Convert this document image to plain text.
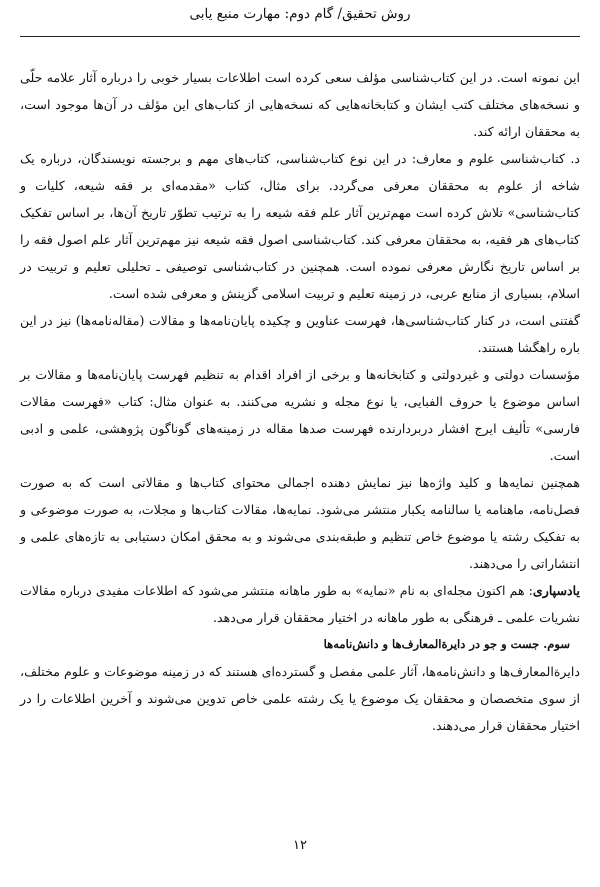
روش تحقیق/ گام دوم: مهارت منبع یابی

این نمونه است. در این کتاب‌شناسی مؤلف سعی کرده است اطلاعات بسیار خوبی را درباره آثار علامه حلّی و نسخه‌های مختلف کتب ایشان و کتابخانه‌هایی که نسخه‌هایی از کتاب‌های این مؤلف در آن‌ها موجود است، به محققان ارائه کند.

د. کتاب‌شناسی علوم و معارف: در این نوع کتاب‌شناسی، کتاب‌های مهم و برجسته نویسندگان، درباره یک شاخه از علوم به محققان معرفی می‌گردد. برای مثال، کتاب «مقدمه‌ای بر فقه شیعه، کلیات و کتاب‌شناسی» تلاش کرده است مهم‌ترین آثار علم فقه شیعه را به ترتیب تطوّر تاریخ آن‌ها، بر اساس تفکیک کتاب‌های هر فقیه، به محققان معرفی کند. کتاب‌شناسی اصول فقه شیعه نیز مهم‌ترین آثار علم اصول فقه را بر اساس تاریخ نگارش معرفی نموده است. همچنین در کتاب‌شناسی توصیفی ـ تحلیلی تعلیم و تربیت در اسلام، بسیاری از منابع عربی، در زمینه تعلیم و تربیت اسلامی گزینش و معرفی شده است.

گفتنی است، در کنار کتاب‌شناسی‌ها، فهرست عناوین و چکیده پایان‌نامه‌ها و مقالات (مقاله‌نامه‌ها) نیز در این باره راهگشا هستند.

مؤسسات دولتی و غیردولتی و کتابخانه‌ها و برخی از افراد اقدام به تنظیم فهرست پایان‌نامه‌ها و مقالات بر اساس موضوع یا حروف الفبایی، یا نوع مجله و نشریه می‌کنند. به عنوان مثال: کتاب «فهرست مقالات فارسی» تألیف ایرج افشار دربردارنده فهرست صدها مقاله در زمینه‌های گوناگون پژوهشی، علمی و ادبی است.

همچنین نمایه‌ها و کلید واژه‌ها نیز نمایش دهنده اجمالی محتوای کتاب‌ها و مقالاتی است که به صورت فصل‌نامه، ماهنامه یا سالنامه یکبار منتشر می‌شود. نمایه‌ها، مقالات کتاب‌ها و مجلات، به صورت موضوعی و به تفکیک رشته یا موضوع خاص تنظیم و طبقه‌بندی می‌شوند و به محقق امکان دستیابی به تازه‌های علمی و انتشاراتی را می‌دهند.

یادسپاری: هم اکنون مجله‌ای به نام «نمایه» به طور ماهانه منتشر می‌شود که اطلاعات مفیدی درباره مقالات نشریات علمی ـ فرهنگی به طور ماهانه در اختیار محققان قرار می‌دهد.

سوم. جست و جو در دایرةالمعارف‌ها و دانش‌نامه‌ها

دایرةالمعارف‌ها و دانش‌نامه‌ها، آثار علمی مفصل و گسترده‌ای هستند که در زمینه موضوعات و علوم مختلف، از سوی متخصصان و محققان یک موضوع یا یک رشته علمی خاص تدوین می‌شوند و آخرین اطلاعات را در اختیار محققان قرار می‌دهند.

۱۲
